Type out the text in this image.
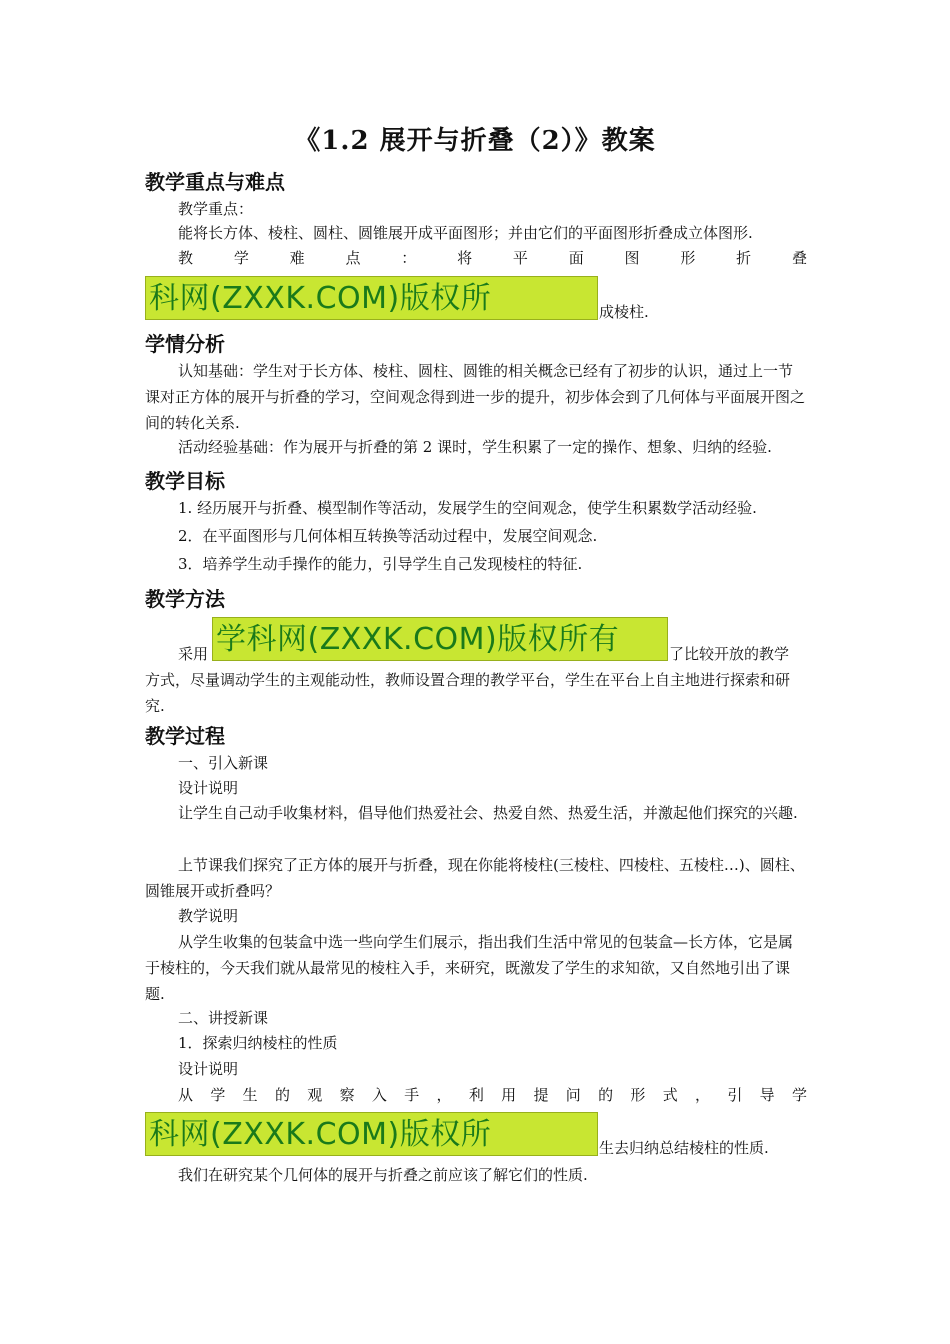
《1.2 展开与折叠（2）》教案
教学重点与难点

教学重点：

能将长方体、棱柱、圆柱、圆锥展开成平面图形；并由它们的平面图形折叠成立体图形.

教	学	难	点	：	将	平	面	图	形	折	叠
科网(ZXXK.COM)版权所	成棱柱.
学情分析

认知基础：学生对于长方体、棱柱、圆柱、圆锥的相关概念已经有了初步的认识，通过上一节课对正方体的展开与折叠的学习，空间观念得到进一步的提升，初步体会到了几何体与平面展开图之间的转化关系.

活动经验基础：作为展开与折叠的第 2 课时，学生积累了一定的操作、想象、归纳的经验.

教学目标

1. 经历展开与折叠、模型制作等活动，发展学生的空间观念，使学生积累数学活动经验.

2．在平面图形与几何体相互转换等活动过程中，发展空间观念.

3．培养学生动手操作的能力，引导学生自己发现棱柱的特征.

教学方法
采用 学科网(ZXXK.COM)版权所有	了比较开放的教学

方式，尽量调动学生的主观能动性，教师设置合理的教学平台，学生在平台上自主地进行探索和研究.

教学过程

一、引入新课

设计说明

让学生自己动手收集材料，倡导他们热爱社会、热爱自然、热爱生活，并激起他们探究的兴趣.

上节课我们探究了正方体的展开与折叠，现在你能将棱柱(三棱柱、四棱柱、五棱柱…)、圆柱、圆锥展开或折叠吗？

教学说明

从学生收集的包装盒中选一些向学生们展示，指出我们生活中常见的包装盒—长方体，它是属于棱柱的，今天我们就从最常见的棱柱入手，来研究，既激发了学生的求知欲，又自然地引出了课题.

二、讲授新课

1．探索归纳棱柱的性质

设计说明

从 学 生 的 观 察 入 手 ， 利 用 提 问 的 形 式 ， 引 导 学
科网(ZXXK.COM)版权所	生去归纳总结棱柱的性质.

我们在研究某个几何体的展开与折叠之前应该了解它们的性质.
